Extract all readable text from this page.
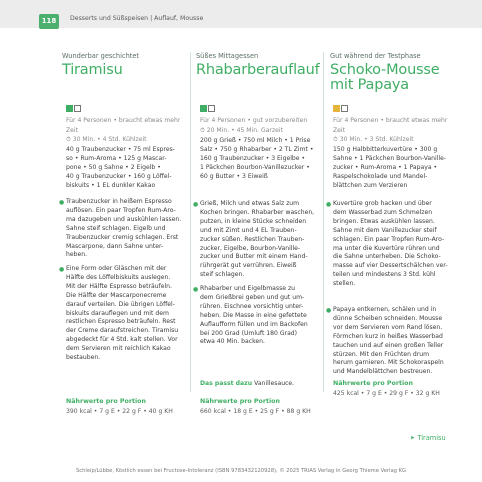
118	Desserts und Süßspeisen | Auflauf, Mousse

Wunderbar geschichtet

Tiramisu
Für 4 Personen • braucht etwas mehr
Zeit
⏱ 30 Min. • 4 Std. Kühlzeit
40 g Traubenzucker • 75 ml Espres-
so • Rum-Aroma • 125 g Mascar-
pone • 50 g Sahne • 2 Eigelb •
40 g Traubenzucker • 160 g Löffel-
biskuits • 1 EL dunkler Kakao
● Traubenzucker in heißem Espresso
auflösen. Ein paar Tropfen Rum-Aro-
ma dazugeben und auskühlen lassen.
Sahne steif schlagen. Eigelb und
Traubenzucker cremig schlagen. Erst
Mascarpone, dann Sahne unter-
heben.
● Eine Form oder Gläschen mit der
Hälfte des Löffelbiskuits auslegen.
Mit der Hälfte Espresso beträufeln.
Die Hälfte der Mascarponecreme
darauf verteilen. Die übrigen Löffel-
biskuits darauflegen und mit dem
restlichen Espresso beträufeln. Rest
der Creme daraufstreichen. Tiramisu
abgedeckt für 4 Std. kalt stellen. Vor
dem Servieren mit reichlich Kakao
bestauben.
Nährwerte pro Portion
390 kcal • 7 g E • 22 g F • 40 g KH

Süßes Mittagessen

Rhabarberauflauf
Für 4 Personen • gut vorzubereiten
⏱ 20 Min. • 45 Min. Garzeit
200 g Grieß • 750 ml Milch • 1 Prise
Salz • 750 g Rhabarber • 2 TL Zimt •
160 g Traubenzucker • 3 Eigelbe •
1 Päckchen Bourbon-Vanillezucker •
60 g Butter • 3 Eiweiß
● Grieß, Milch und etwas Salz zum
Kochen bringen. Rhabarber waschen,
putzen, in kleine Stücke schneiden
und mit Zimt und 4 EL Trauben-
zucker süßen. Restlichen Trauben-
zucker, Eigelbe, Bourbon-Vanille-
zucker und Butter mit einem Hand-
rührgerät gut verrühren. Eiweiß
steif schlagen.
● Rhabarber und Eigelbmasse zu
dem Grießbrei geben und gut um-
rühren. Eischnee vorsichtig unter-
heben. Die Masse in eine gefettete
Auflaufform füllen und im Backofen
bei 200 Grad (Umluft 180 Grad)
etwa 40 Min. backen.
Das passt dazu Vanillesauce.
Nährwerte pro Portion
660 kcal • 18 g E • 25 g F • 88 g KH

Gut während der Testphase

Schoko-Mousse
mit Papaya
Für 4 Personen • braucht etwas mehr
Zeit
⏱ 30 Min. • 3 Std. Kühlzeit
150 g Halbbitterkuvertüre • 300 g
Sahne • 1 Päckchen Bourbon-Vanille-
zucker • Rum-Aroma • 1 Papaya •
Raspelschokolade und Mandel-
blättchen zum Verzieren
● Kuvertüre grob hacken und über
dem Wasserbad zum Schmelzen
bringen. Etwas auskühlen lassen.
Sahne mit dem Vanillezucker steif
schlagen. Ein paar Tropfen Rum-Aro-
ma unter die Kuvertüre rühren und
die Sahne unterheben. Die Schoko-
masse auf vier Dessertschälchen ver-
teilen und mindestens 3 Std. kühl
stellen.
● Papaya entkernen, schälen und in
dünne Scheiben schneiden. Mousse
vor dem Servieren vom Rand lösen.
Förmchen kurz in heißes Wasserbad
tauchen und auf einen großen Teller
stürzen. Mit den Früchten drum
herum garnieren. Mit Schokoraspeln
und Mandelblättchen bestreuen.
Nährwerte pro Portion
425 kcal • 7 g E • 29 g F • 32 g KH
⯈ Tiramisu
Schleip/Lübbe, Köstlich essen bei Fructose-Intoleranz (ISBN 9783432120928), © 2025 TRIAS Verlag in Georg Thieme Verlag KG
